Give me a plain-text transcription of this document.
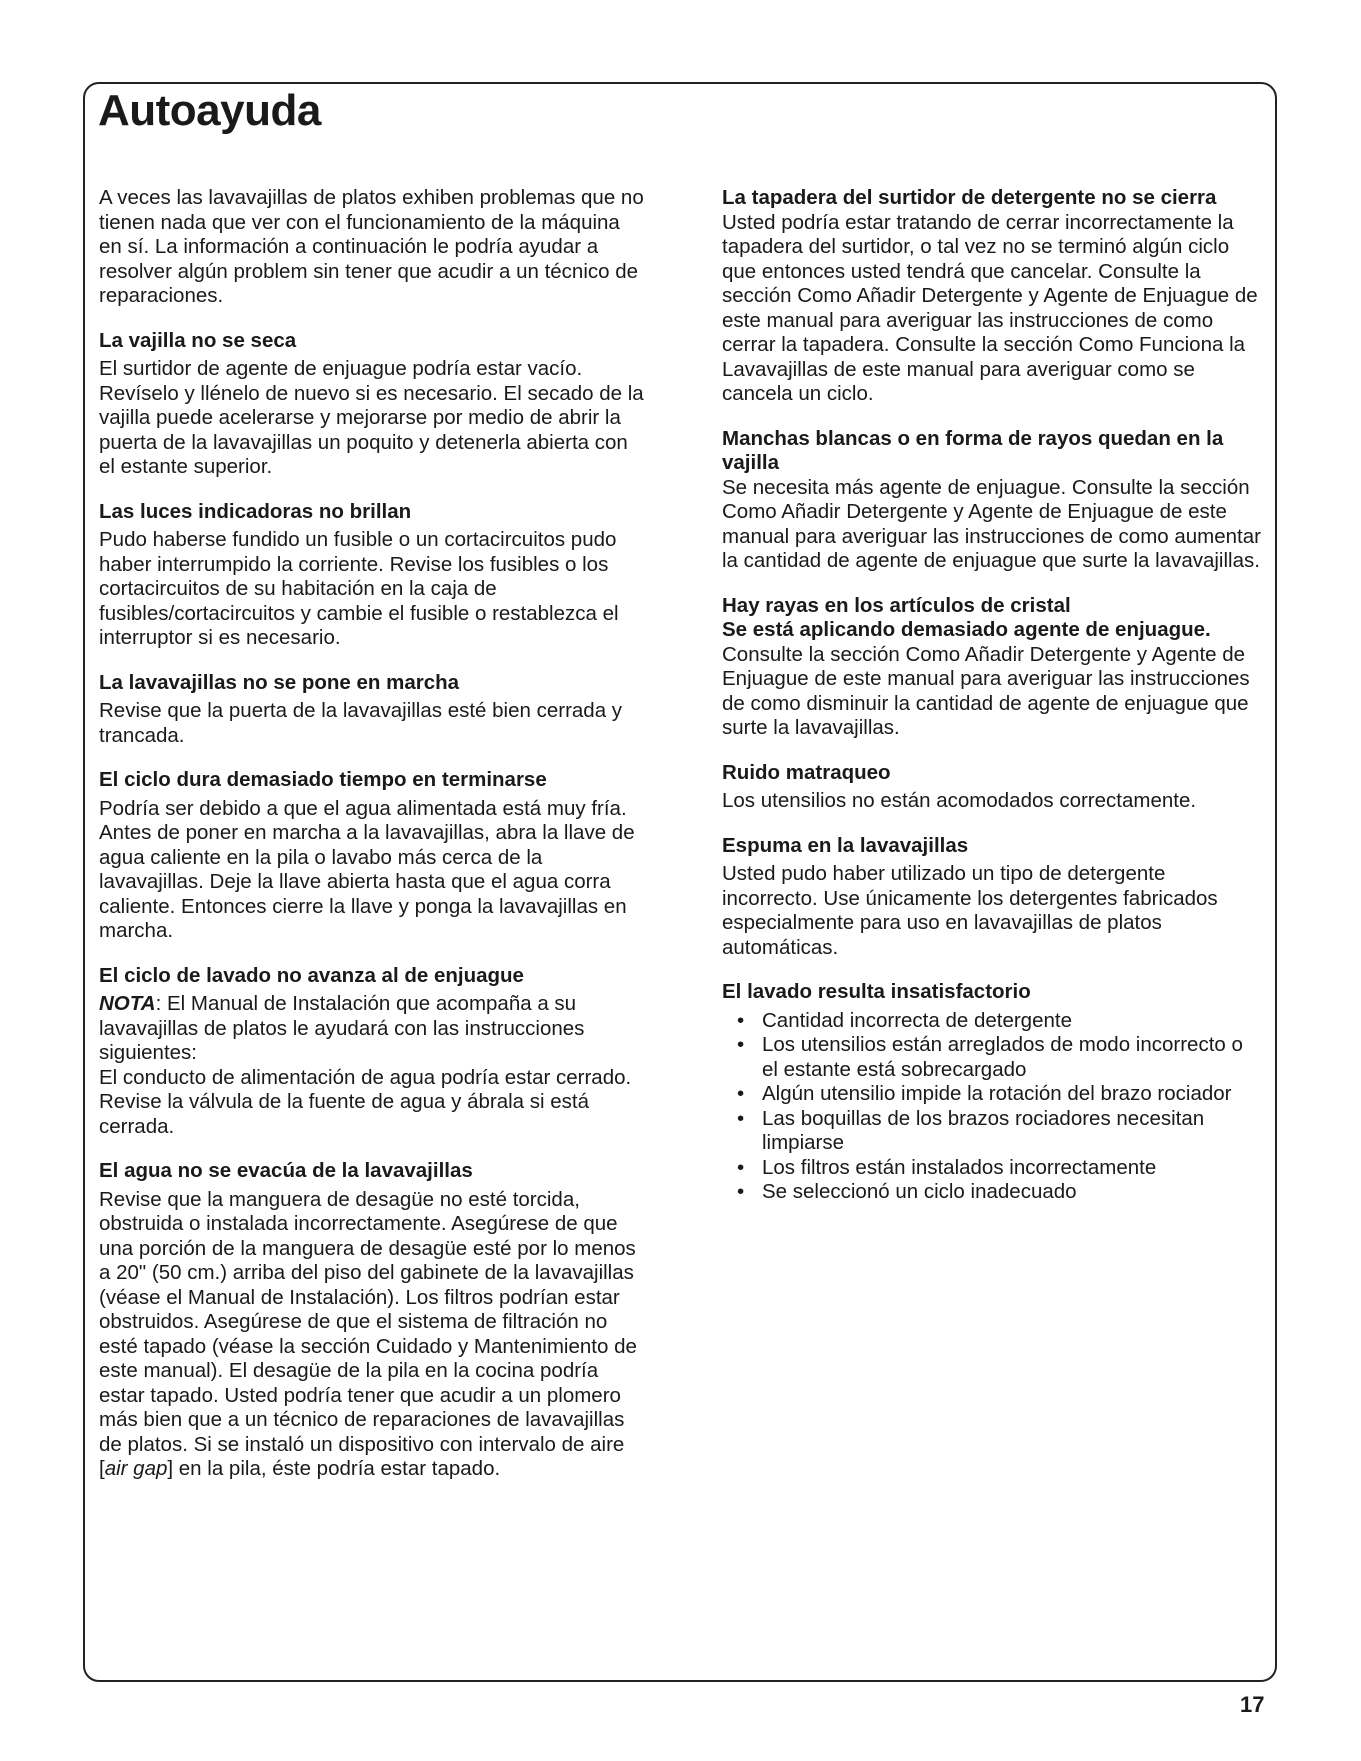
Autoayuda

A veces las lavavajillas de platos exhiben problemas que no tienen nada que ver con el funcionamiento de la máquina en sí. La información a continuación le podría ayudar a resolver algún problem sin tener que acudir a un técnico de reparaciones.

La vajilla no se seca

El surtidor de agente de enjuague podría estar vacío. Revíselo y llénelo de nuevo si es necesario. El secado de la vajilla puede acelerarse y mejorarse por medio de abrir la puerta de la lavavajillas un poquito y detenerla abierta con el estante superior.

Las luces indicadoras no brillan

Pudo haberse fundido un fusible o un cortacircuitos pudo haber interrumpido la corriente. Revise los fusibles o los cortacircuitos de su habitación en la caja de fusibles/cortacircuitos y cambie el fusible o restablezca el interruptor si es necesario.

La lavavajillas no se pone en marcha

Revise que la puerta de la lavavajillas esté bien cerrada y trancada.

El ciclo dura demasiado tiempo en terminarse

Podría ser debido a que el agua alimentada está muy fría. Antes de poner en marcha a la lavavajillas, abra la llave de agua caliente en la pila o lavabo más cerca de la lavavajillas. Deje la llave abierta hasta que el agua corra caliente. Entonces cierre la llave y ponga la lavavajillas en marcha.

El ciclo de lavado no avanza al de enjuague

NOTA: El Manual de Instalación que acompaña a su lavavajillas de platos le ayudará con las instrucciones siguientes:

El conducto de alimentación de agua podría estar cerrado. Revise la válvula de la fuente de agua y ábrala si está cerrada.

El agua no se evacúa de la lavavajillas

Revise que la manguera de desagüe no esté torcida, obstruida o instalada incorrectamente. Asegúrese de que una porción de la manguera de desagüe esté por lo menos a 20" (50 cm.) arriba del piso del gabinete de la lavavajillas (véase el Manual de Instalación). Los filtros podrían estar obstruidos. Asegúrese de que el sistema de filtración no esté tapado (véase la sección Cuidado y Mantenimiento de este manual). El desagüe de la pila en la cocina podría estar tapado. Usted podría tener que acudir a un plomero más bien que a un técnico de reparaciones de lavavajillas de platos. Si se instaló un dispositivo con intervalo de aire [air gap] en la pila, éste podría estar tapado.

La tapadera del surtidor de detergente no se cierra

Usted podría estar tratando de cerrar incorrectamente la tapadera del surtidor, o tal vez no se terminó algún ciclo que entonces usted tendrá que cancelar. Consulte la sección Como Añadir Detergente y Agente de Enjuague de este manual para averiguar las instrucciones de como cerrar la tapadera. Consulte la sección Como Funciona la Lavavajillas de este manual para averiguar como se cancela un ciclo.

Manchas blancas o en forma de rayos quedan en la vajilla

Se necesita más agente de enjuague. Consulte la sección Como Añadir Detergente y Agente de Enjuague de este manual para averiguar las instrucciones de como aumentar la cantidad de agente de enjuague que surte la lavavajillas.

Hay rayas en los artículos de cristal

Se está aplicando demasiado agente de enjuague.

Consulte la sección Como Añadir Detergente y Agente de Enjuague de este manual para averiguar las instrucciones de como disminuir la cantidad de agente de enjuague que surte la lavavajillas.

Ruido matraqueo

Los utensilios no están acomodados correctamente.

Espuma en la lavavajillas

Usted pudo haber utilizado un tipo de detergente incorrecto. Use únicamente los detergentes fabricados especialmente para uso en lavavajillas de platos automáticas.

El lavado resulta insatisfactorio

• Cantidad incorrecta de detergente
• Los utensilios están arreglados de modo incorrecto o el estante está sobrecargado
• Algún utensilio impide la rotación del brazo rociador
• Las boquillas de los brazos rociadores necesitan limpiarse
• Los filtros están instalados incorrectamente
• Se seleccionó un ciclo inadecuado
17
